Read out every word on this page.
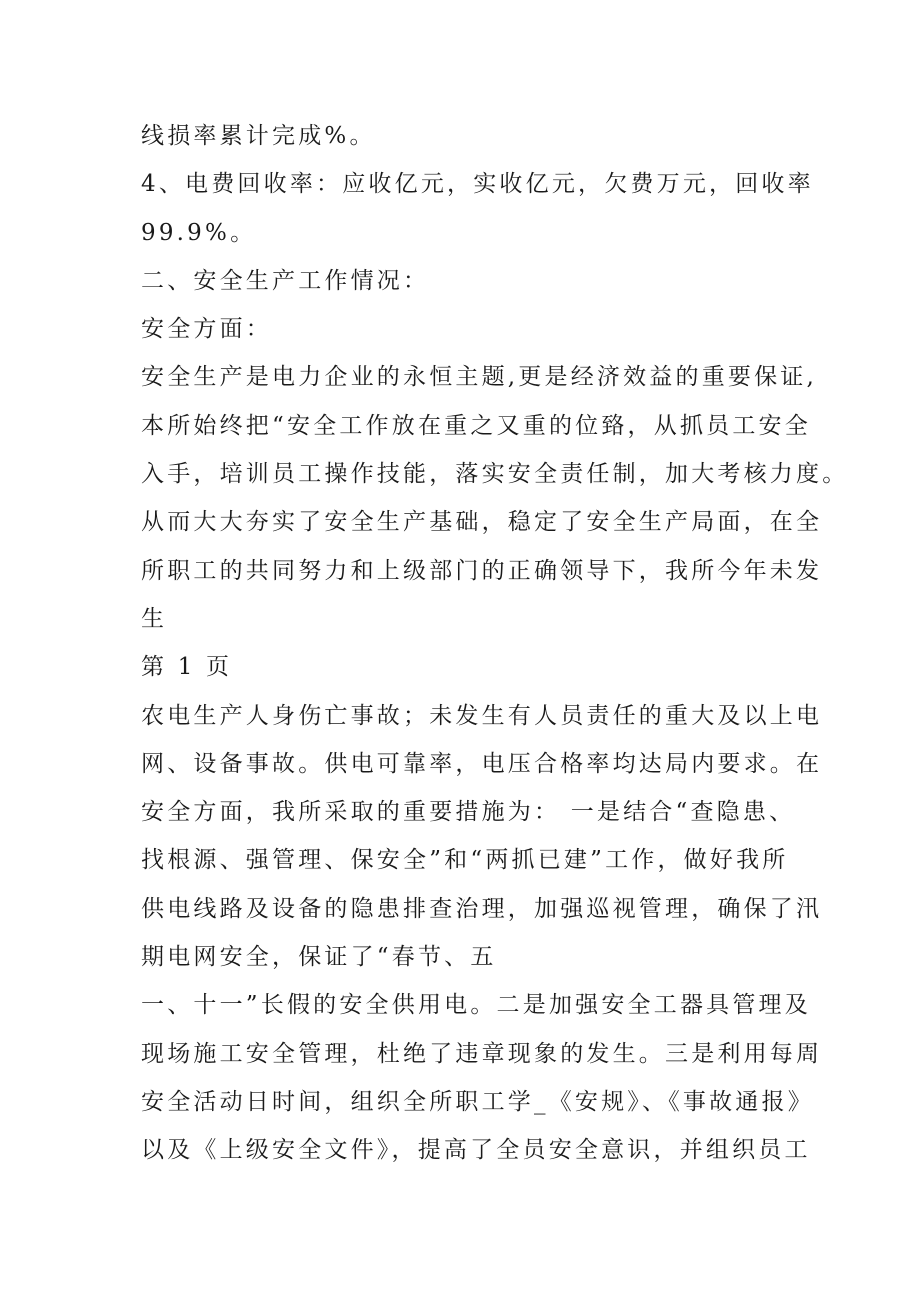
线损率累计完成%。
4、电费回收率：应收亿元，实收亿元，欠费万元，回收率
99.9%。
二、安全生产工作情况：
安全方面：
安全生产是电力企业的永恒主题,更是经济效益的重要保证,
本所始终把“安全工作放在重之又重的位臵，从抓员工安全
入手，培训员工操作技能，落实安全责任制，加大考核力度。
从而大大夯实了安全生产基础，稳定了安全生产局面，在全
所职工的共同努力和上级部门的正确领导下，我所今年未发
生
第 1 页
农电生产人身伤亡事故；未发生有人员责任的重大及以上电
网、设备事故。供电可靠率，电压合格率均达局内要求。在
安全方面，我所采取的重要措施为： 一是结合“查隐患、
找根源、强管理、保安全”和“两抓已建”工作，做好我所
供电线路及设备的隐患排查治理，加强巡视管理，确保了汛
期电网安全，保证了“春节、五
一、十一”长假的安全供用电。二是加强安全工器具管理及
现场施工安全管理，杜绝了违章现象的发生。三是利用每周
安全活动日时间，组织全所职工学_《安规》、《事故通报》
以及《上级安全文件》，提高了全员安全意识，并组织员工
